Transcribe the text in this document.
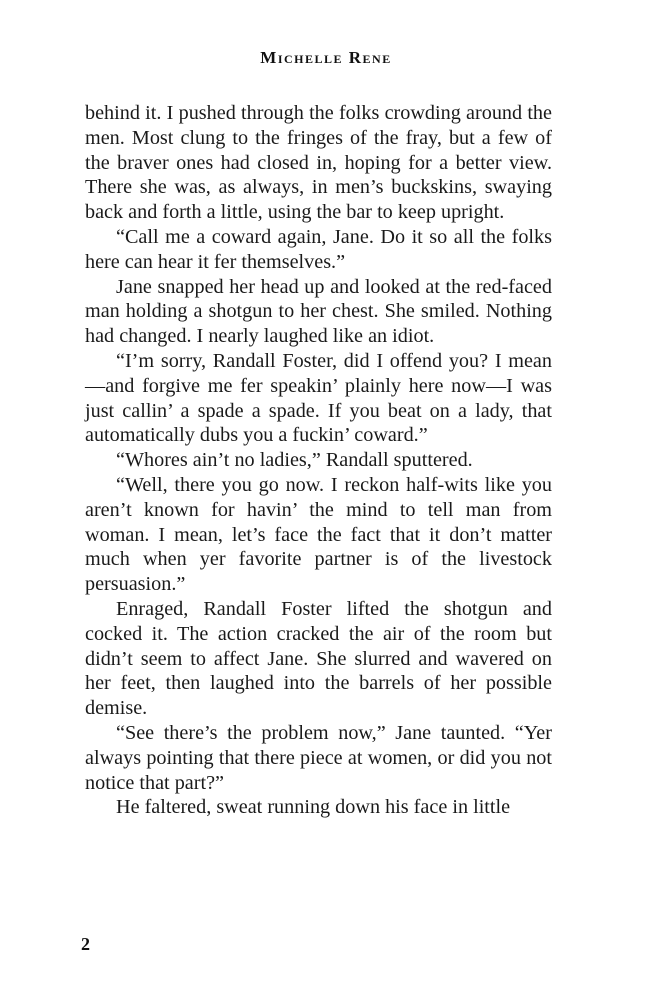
Michelle Rene

behind it. I pushed through the folks crowding around the men. Most clung to the fringes of the fray, but a few of the braver ones had closed in, hoping for a better view. There she was, as always, in men’s buckskins, swaying back and forth a little, using the bar to keep upright.

“Call me a coward again, Jane. Do it so all the folks here can hear it fer themselves.”

Jane snapped her head up and looked at the red-faced man holding a shotgun to her chest. She smiled. Nothing had changed. I nearly laughed like an idiot.

“I’m sorry, Randall Foster, did I offend you? I mean—and forgive me fer speakin’ plainly here now—I was just callin’ a spade a spade. If you beat on a lady, that automatically dubs you a fuckin’ coward.”

“Whores ain’t no ladies,” Randall sputtered.

“Well, there you go now. I reckon half-wits like you aren’t known for havin’ the mind to tell man from woman. I mean, let’s face the fact that it don’t matter much when yer favorite partner is of the livestock persuasion.”

Enraged, Randall Foster lifted the shotgun and cocked it. The action cracked the air of the room but didn’t seem to affect Jane. She slurred and wavered on her feet, then laughed into the barrels of her possible demise.

“See there’s the problem now,” Jane taunted. “Yer always pointing that there piece at women, or did you not notice that part?”

He faltered, sweat running down his face in little

2
